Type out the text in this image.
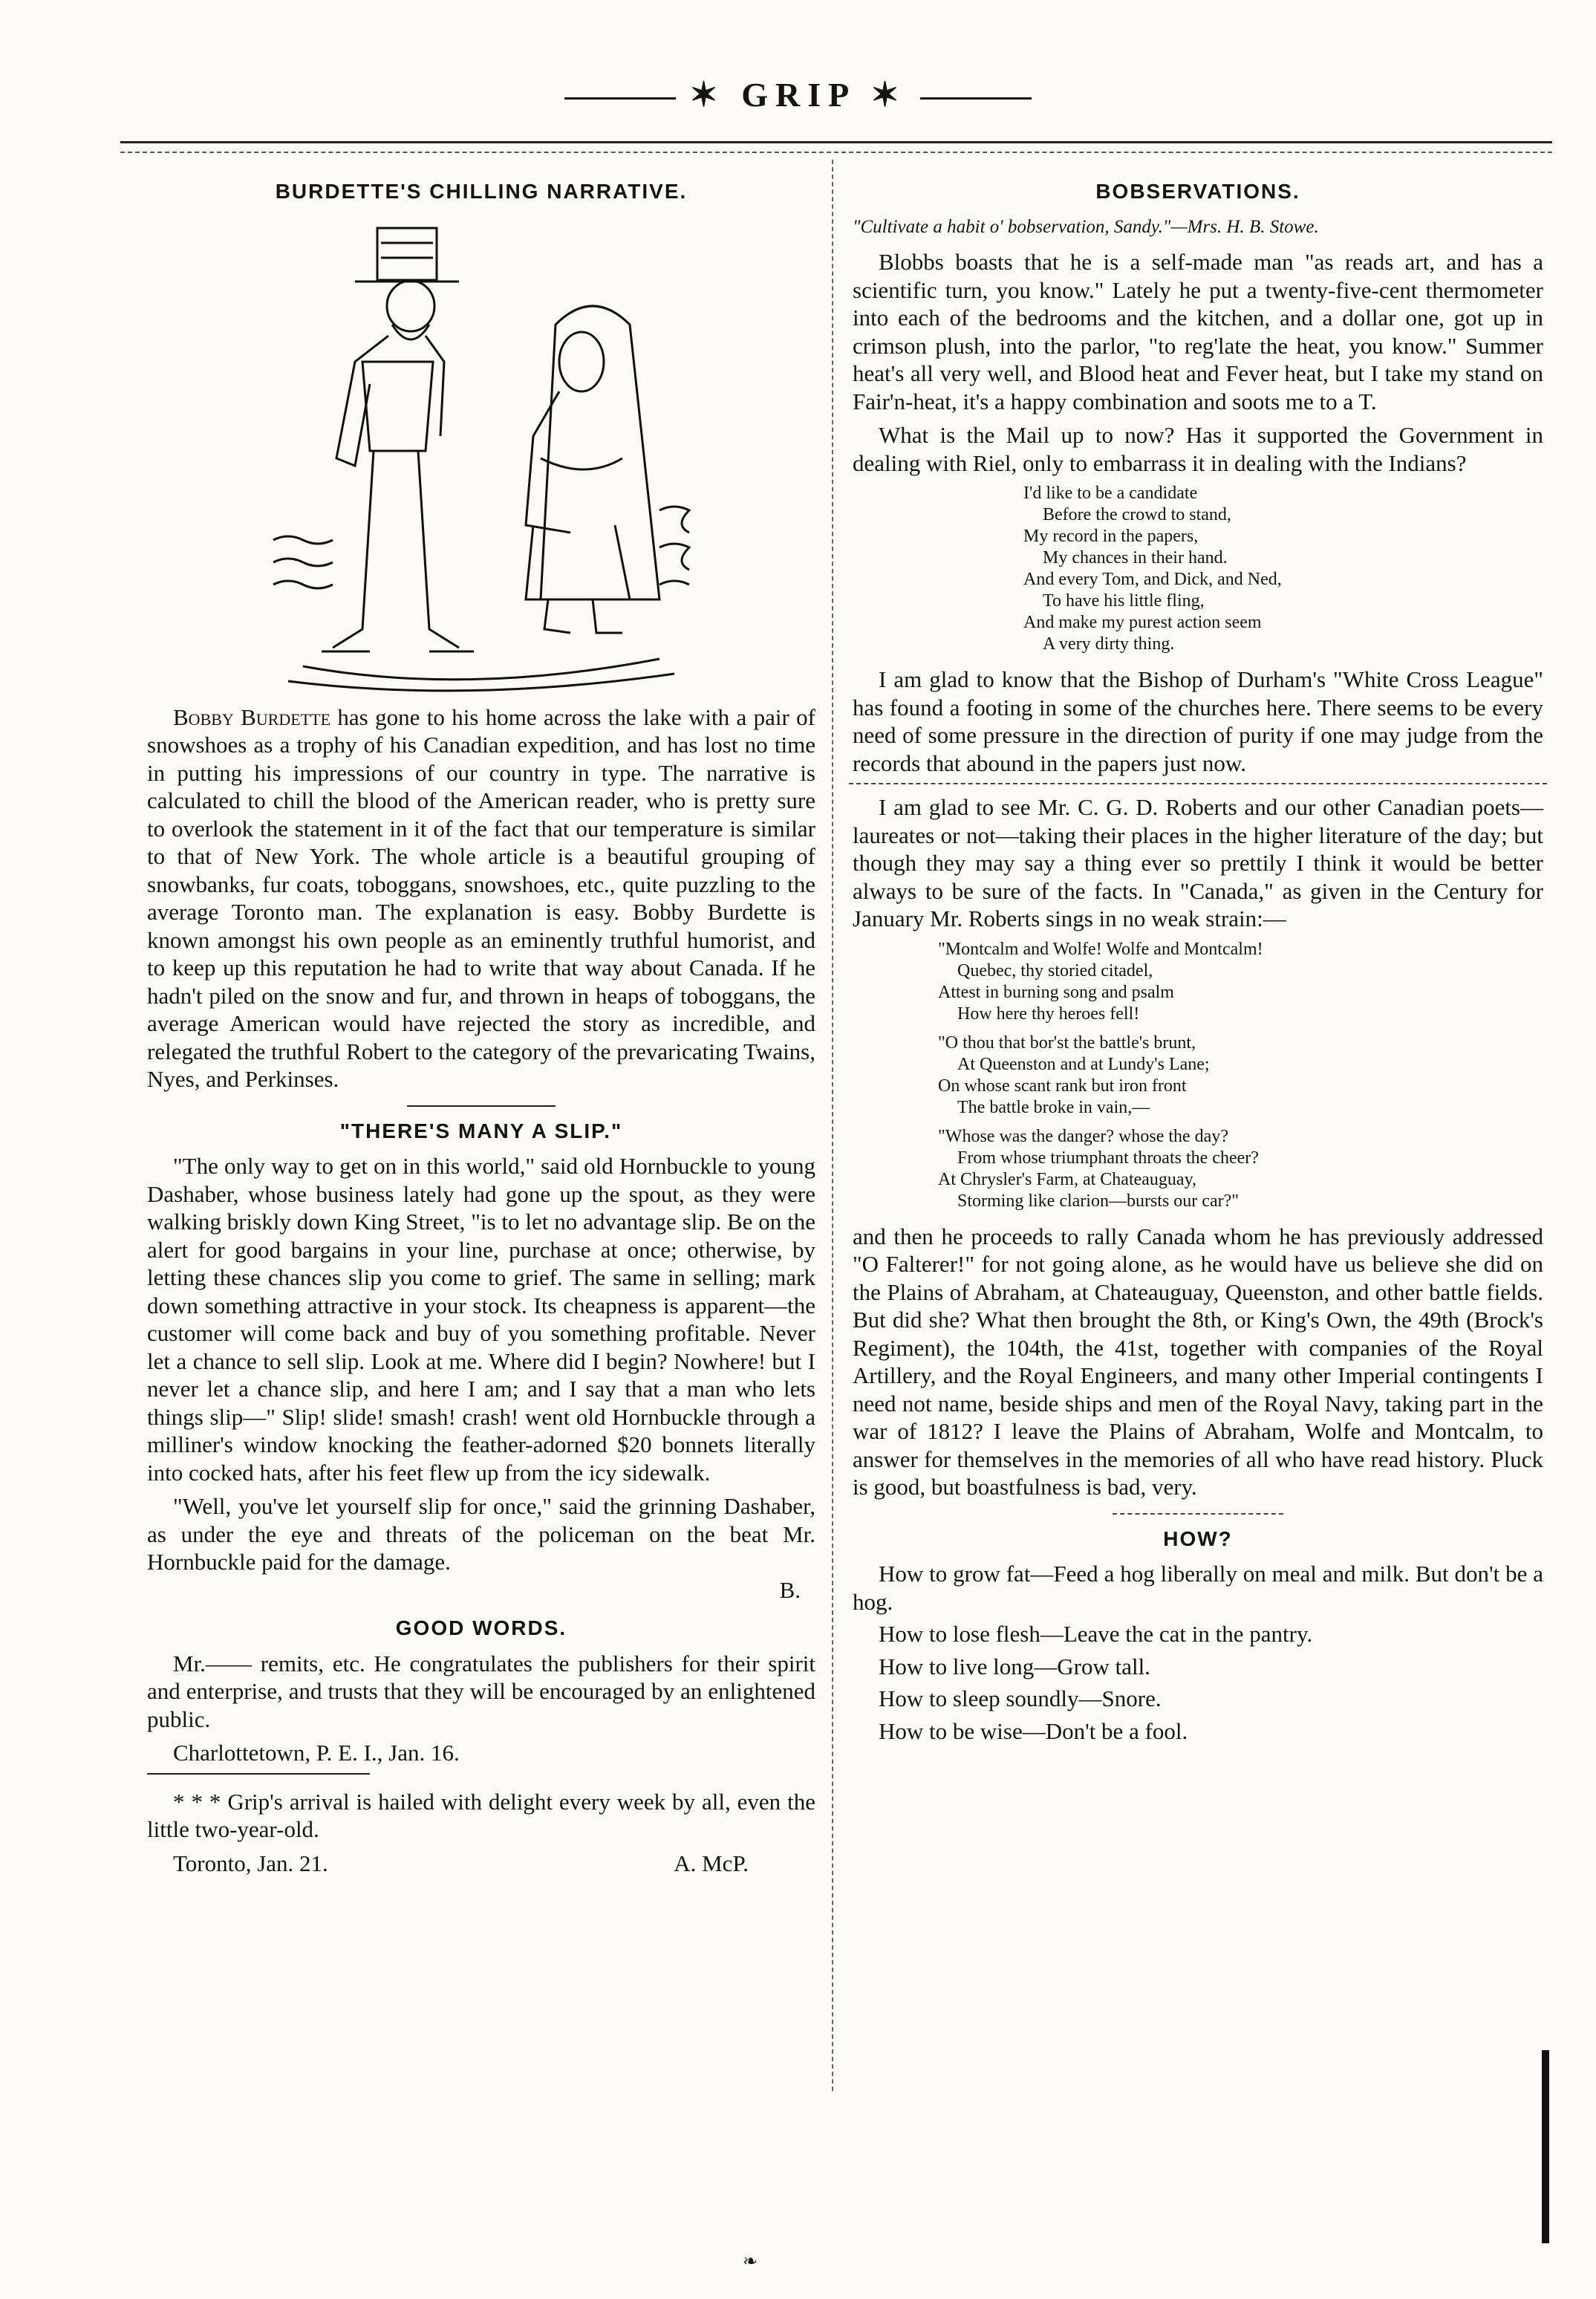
✶ GRIP ✶
BURDETTE'S CHILLING NARRATIVE.

Bobby Burdette has gone to his home across the lake with a pair of snowshoes as a trophy of his Canadian expedition, and has lost no time in putting his impressions of our country in type. The narrative is calculated to chill the blood of the American reader, who is pretty sure to overlook the statement in it of the fact that our temperature is similar to that of New York. The whole article is a beautiful grouping of snowbanks, fur coats, toboggans, snowshoes, etc., quite puzzling to the average Toronto man. The explanation is easy. Bobby Burdette is known amongst his own people as an eminently truthful humorist, and to keep up this reputation he had to write that way about Canada. If he hadn't piled on the snow and fur, and thrown in heaps of toboggans, the average American would have rejected the story as incredible, and relegated the truthful Robert to the category of the prevaricating Twains, Nyes, and Perkinses.

"THERE'S MANY A SLIP."

"The only way to get on in this world," said old Hornbuckle to young Dashaber, whose business lately had gone up the spout, as they were walking briskly down King Street, "is to let no advantage slip. Be on the alert for good bargains in your line, purchase at once; otherwise, by letting these chances slip you come to grief. The same in selling; mark down something attractive in your stock. Its cheapness is apparent—the customer will come back and buy of you something profitable. Never let a chance to sell slip. Look at me. Where did I begin? Nowhere! but I never let a chance slip, and here I am; and I say that a man who lets things slip—" Slip! slide! smash! crash! went old Hornbuckle through a milliner's window knocking the feather-adorned $20 bonnets literally into cocked hats, after his feet flew up from the icy sidewalk.

"Well, you've let yourself slip for once," said the grinning Dashaber, as under the eye and threats of the policeman on the beat Mr. Hornbuckle paid for the damage.

B.
GOOD WORDS.

Mr.—— remits, etc. He congratulates the publishers for their spirit and enterprise, and trusts that they will be encouraged by an enlightened public.

Charlottetown, P. E. I., Jan. 16.

* * * Grip's arrival is hailed with delight every week by all, even the little two-year-old.

Toronto, Jan. 21.	A. McP.
BOBSERVATIONS.
"Cultivate a habit o' bobservation, Sandy."—Mrs. H. B. Stowe.

Blobbs boasts that he is a self-made man "as reads art, and has a scientific turn, you know." Lately he put a twenty-five-cent thermometer into each of the bedrooms and the kitchen, and a dollar one, got up in crimson plush, into the parlor, "to reg'late the heat, you know." Summer heat's all very well, and Blood heat and Fever heat, but I take my stand on Fair'n-heat, it's a happy combination and soots me to a T.

What is the Mail up to now? Has it supported the Government in dealing with Riel, only to embarrass it in dealing with the Indians?

I'd like to be a candidate
Before the crowd to stand,
My record in the papers,
My chances in their hand.
And every Tom, and Dick, and Ned,
To have his little fling,
And make my purest action seem
A very dirty thing.

I am glad to know that the Bishop of Durham's "White Cross League" has found a footing in some of the churches here. There seems to be every need of some pressure in the direction of purity if one may judge from the records that abound in the papers just now.

I am glad to see Mr. C. G. D. Roberts and our other Canadian poets—laureates or not—taking their places in the higher literature of the day; but though they may say a thing ever so prettily I think it would be better always to be sure of the facts. In "Canada," as given in the Century for January Mr. Roberts sings in no weak strain:—

"Montcalm and Wolfe! Wolfe and Montcalm!
Quebec, thy storied citadel,
Attest in burning song and psalm
How here thy heroes fell!
"O thou that bor'st the battle's brunt,
At Queenston and at Lundy's Lane;
On whose scant rank but iron front
The battle broke in vain,—
"Whose was the danger? whose the day?
From whose triumphant throats the cheer?
At Chrysler's Farm, at Chateauguay,
Storming like clarion—bursts our car?"

and then he proceeds to rally Canada whom he has previously addressed "O Falterer!" for not going alone, as he would have us believe she did on the Plains of Abraham, at Chateauguay, Queenston, and other battle fields. But did she? What then brought the 8th, or King's Own, the 49th (Brock's Regiment), the 104th, the 41st, together with companies of the Royal Artillery, and the Royal Engineers, and many other Imperial contingents I need not name, beside ships and men of the Royal Navy, taking part in the war of 1812? I leave the Plains of Abraham, Wolfe and Montcalm, to answer for themselves in the memories of all who have read history. Pluck is good, but boastfulness is bad, very.

HOW?

How to grow fat—Feed a hog liberally on meal and milk. But don't be a hog.

How to lose flesh—Leave the cat in the pantry.

How to live long—Grow tall.

How to sleep soundly—Snore.

How to be wise—Don't be a fool.

❧
